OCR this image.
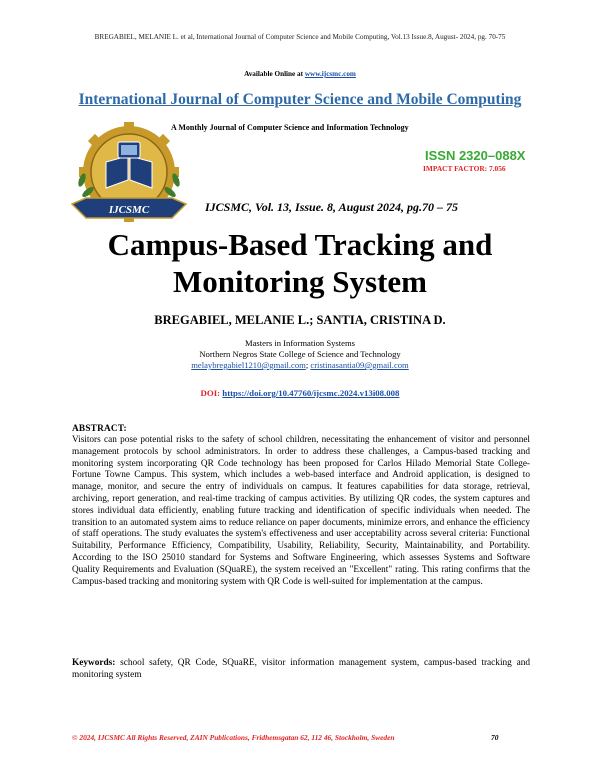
BREGABIEL, MELANIE L. et al, International Journal of Computer Science and Mobile Computing, Vol.13 Issue.8, August- 2024, pg. 70-75
Available Online at www.ijcsmc.com
International Journal of Computer Science and Mobile Computing
A Monthly Journal of Computer Science and Information Technology
IJCSMC
ISSN 2320–088X
IMPACT FACTOR: 7.056
IJCSMC, Vol. 13, Issue. 8, August 2024, pg.70 – 75
Campus-Based Tracking and
Monitoring System
BREGABIEL, MELANIE L.; SANTIA, CRISTINA D.
Masters in Information Systems
Northern Negros State College of Science and Technology
melaybregabiel1210@gmail.com; cristinasantia09@gmail.com
DOI: https://doi.org/10.47760/ijcsmc.2024.v13i08.008
ABSTRACT:
Visitors can pose potential risks to the safety of school children, necessitating the enhancement of visitor and personnel management protocols by school administrators. In order to address these challenges, a Campus-based tracking and monitoring system incorporating QR Code technology has been proposed for Carlos Hilado Memorial State College-Fortune Towne Campus. This system, which includes a web-based interface and Android application, is designed to manage, monitor, and secure the entry of individuals on campus. It features capabilities for data storage, retrieval, archiving, report generation, and real-time tracking of campus activities. By utilizing QR codes, the system captures and stores individual data efficiently, enabling future tracking and identification of specific individuals when needed. The transition to an automated system aims to reduce reliance on paper documents, minimize errors, and enhance the efficiency of staff operations. The study evaluates the system's effectiveness and user acceptability across several criteria: Functional Suitability, Performance Efficiency, Compatibility, Usability, Reliability, Security, Maintainability, and Portability. According to the ISO 25010 standard for Systems and Software Engineering, which assesses Systems and Software Quality Requirements and Evaluation (SQuaRE), the system received an "Excellent" rating. This rating confirms that the Campus-based tracking and monitoring system with QR Code is well-suited for implementation at the campus.
Keywords: school safety, QR Code, SQuaRE, visitor information management system, campus-based tracking and monitoring system
© 2024, IJCSMC All Rights Reserved, ZAIN Publications, Fridhemsgatan 62, 112 46, Stockholm, Sweden	70
